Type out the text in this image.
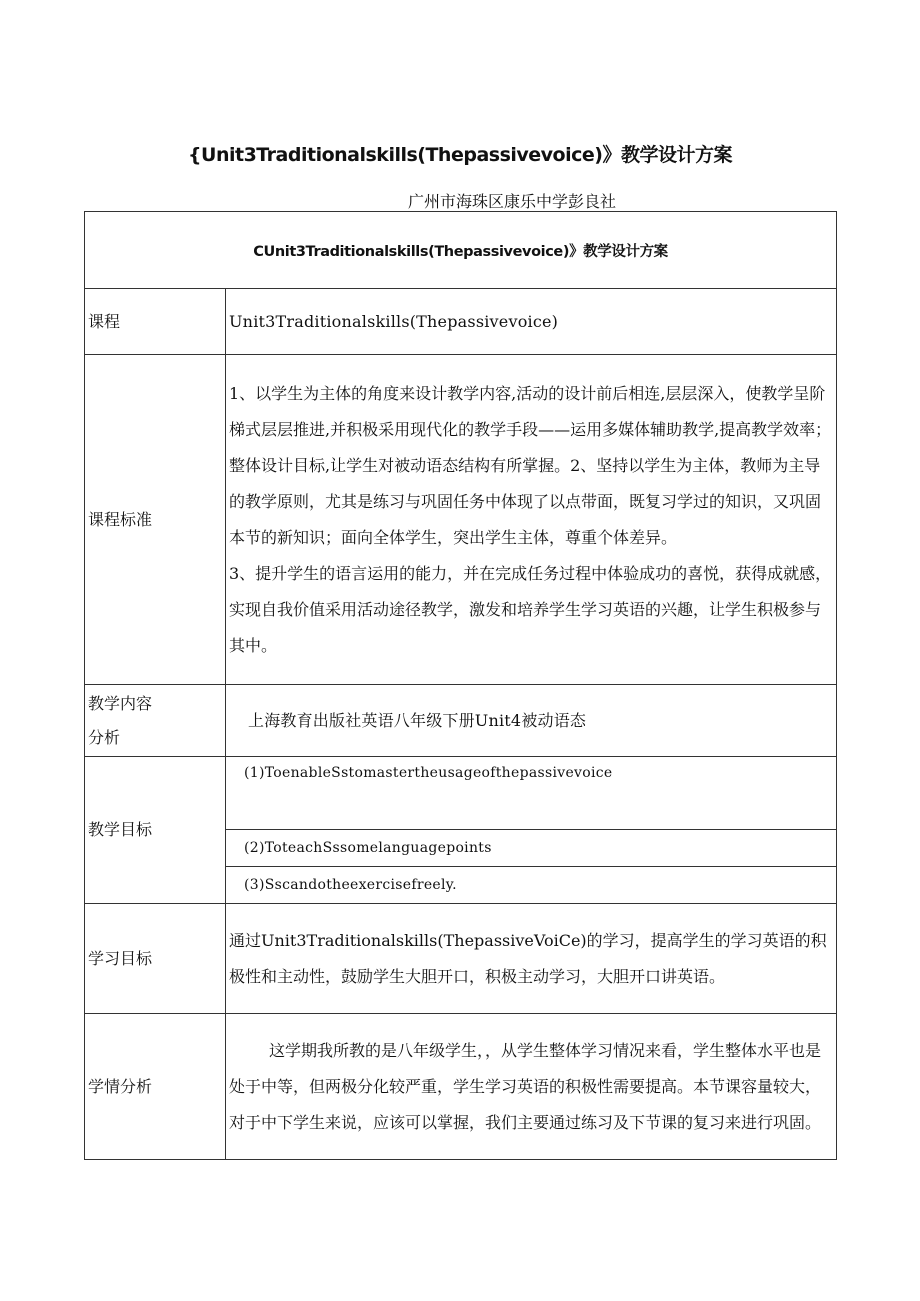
{Unit3Traditionalskills(Thepassivevoice)》教学设计方案
广州市海珠区康乐中学彭良社
CUnit3Traditionalskills(Thepassivevoice)》教学设计方案	
课程	Unit3Traditionalskills(Thepassivevoice)
课程标准	1、以学生为主体的角度来设计教学内容,活动的设计前后相连,层层深入，使教学呈阶梯式层层推进,并积极采用现代化的教学手段——运用多媒体辅助教学,提高教学效率；整体设计目标,让学生对被动语态结构有所掌握。2、坚持以学生为主体，教师为主导的教学原则，尤其是练习与巩固任务中体现了以点带面，既复习学过的知识，又巩固本节的新知识；面向全体学生，突出学生主体，尊重个体差异。

3、提升学生的语言运用的能力，并在完成任务过程中体验成功的喜悦，获得成就感，实现自我价值采用活动途径教学，激发和培养学生学习英语的兴趣，让学生积极参与其中。

教学内容
分析	上海教育出版社英语八年级下册Unit4被动语态
教学目标	(1)ToenableSstomastertheusageofthepassivevoice
	(2)ToteachSssomelanguagepoints
	(3)Sscandotheexercisefreely.
学习目标	通过Unit3Traditionalskills(ThepassiveVoiCe)的学习，提高学生的学习英语的积极性和主动性，鼓励学生大胆开口，积极主动学习，大胆开口讲英语。
学情分析	这学期我所教的是八年级学生，，从学生整体学习情况来看，学生整体水平也是处于中等，但两极分化较严重，学生学习英语的积极性需要提高。本节课容量较大，对于中下学生来说，应该可以掌握，我们主要通过练习及下节课的复习来进行巩固。
